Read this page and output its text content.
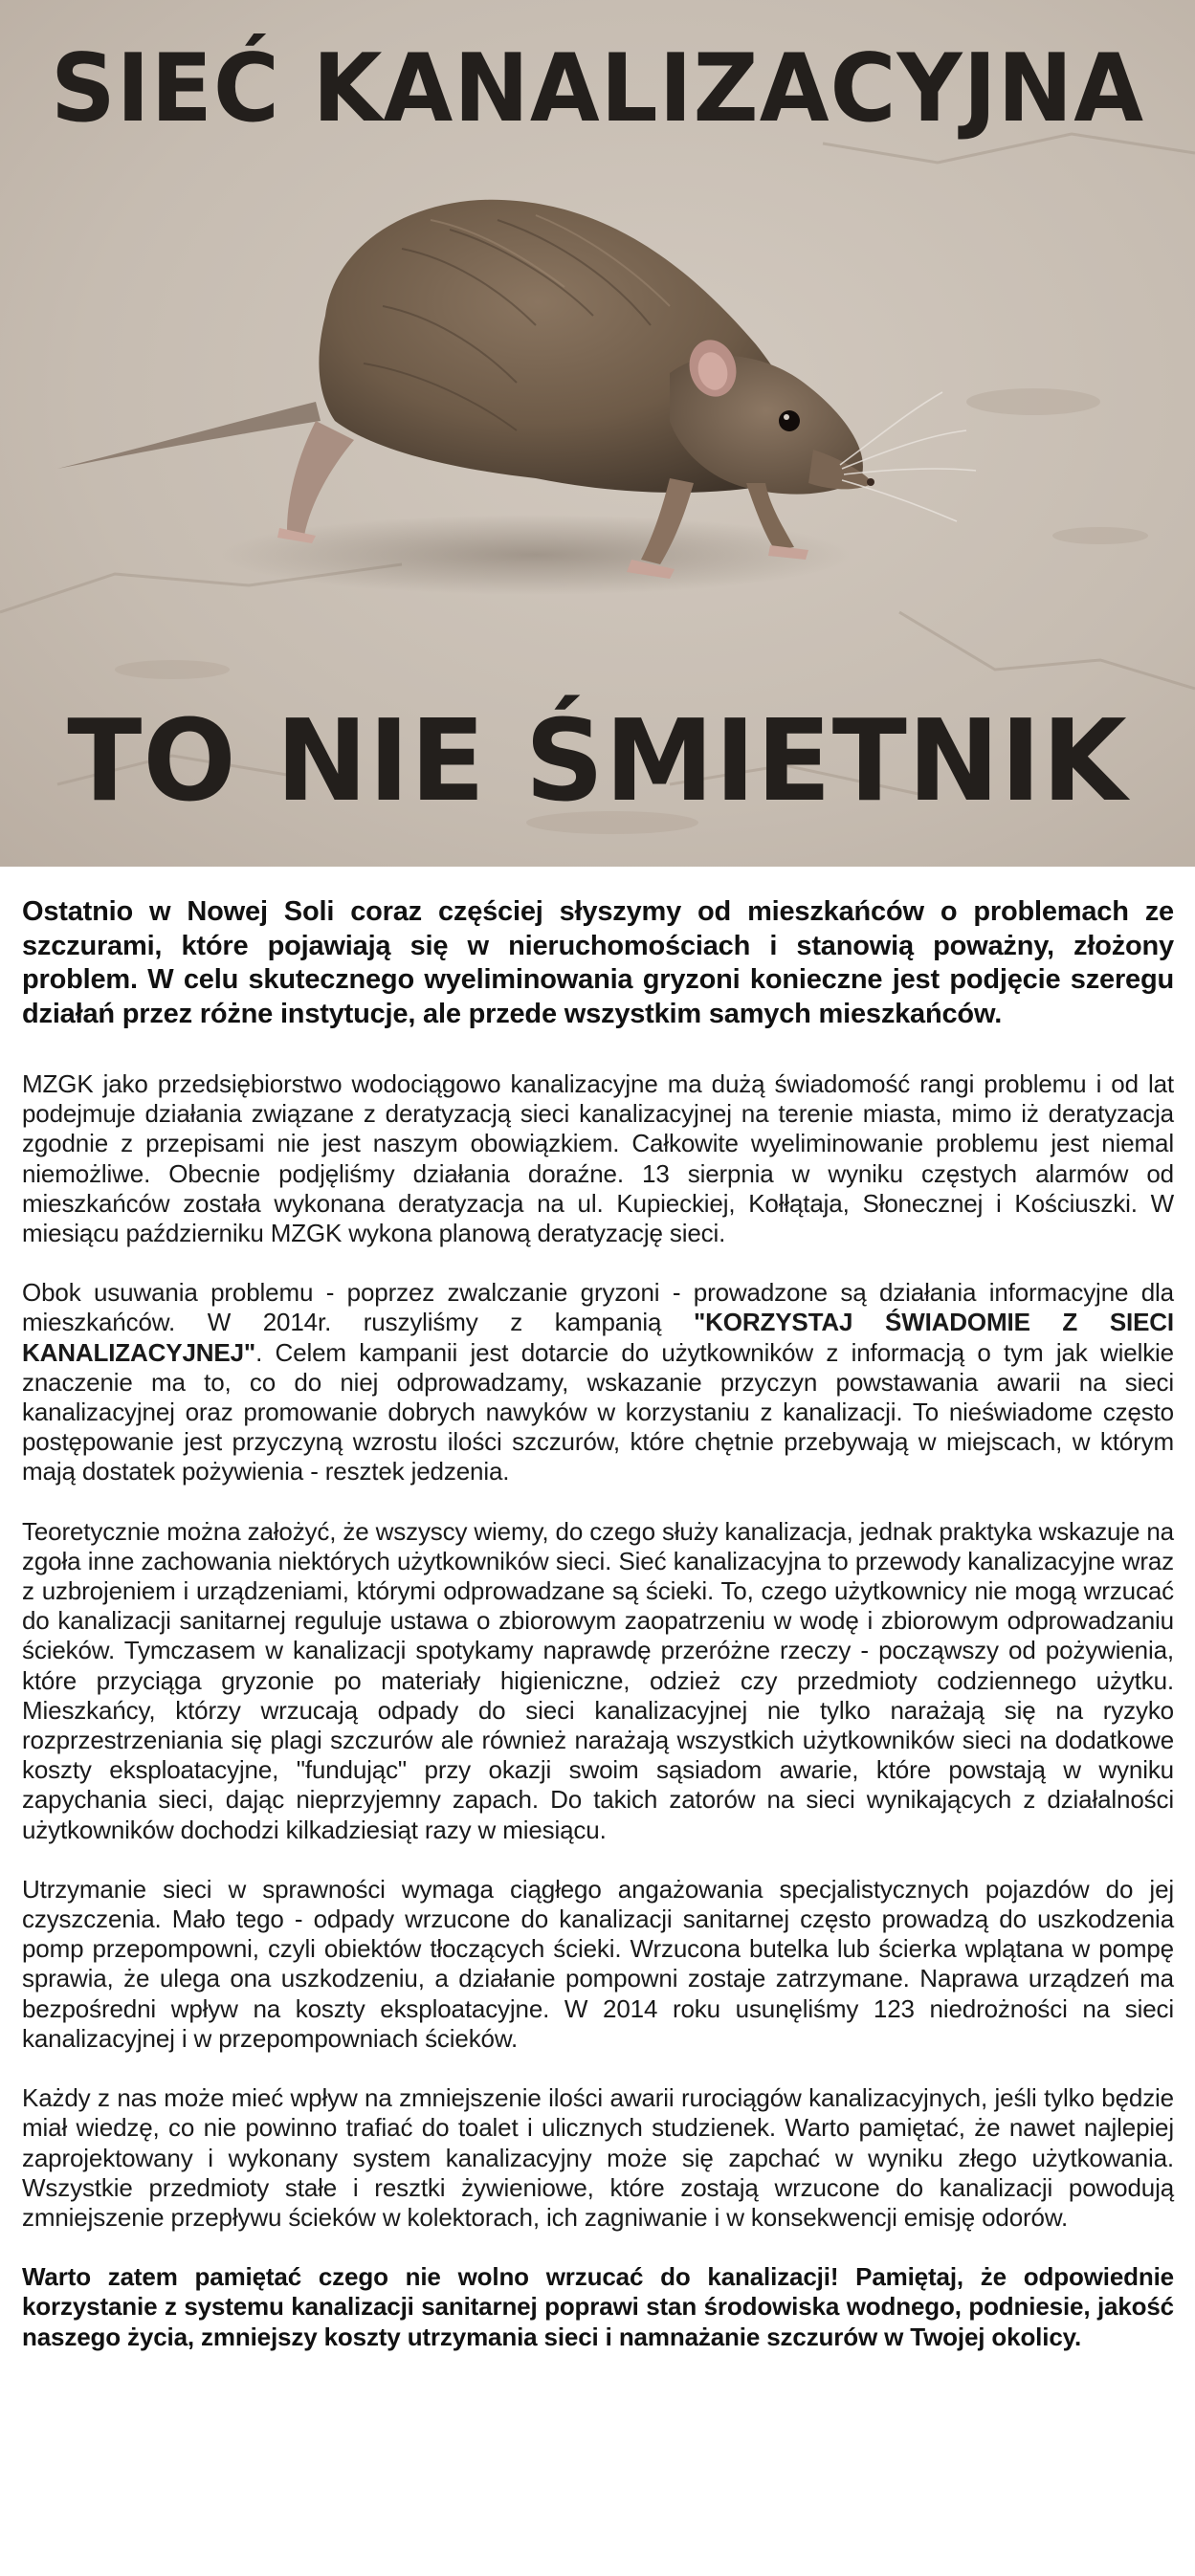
SIEĆ KANALIZACYJNA
TO NIE ŚMIETNIK

Ostatnio w Nowej Soli coraz częściej słyszymy od mieszkańców o problemach ze szczurami, które pojawiają się w nieruchomościach i stanowią poważny, złożony problem. W celu skutecznego wyeliminowania gryzoni konieczne jest podjęcie szeregu działań przez różne instytucje, ale przede wszystkim samych mieszkańców.

MZGK jako przedsiębiorstwo wodociągowo kanalizacyjne ma dużą świadomość rangi problemu i od lat podejmuje działania związane z deratyzacją sieci kanalizacyjnej na terenie miasta, mimo iż deratyzacja zgodnie z przepisami nie jest naszym obowiązkiem. Całkowite wyeliminowanie problemu jest niemal niemożliwe. Obecnie podjęliśmy działania doraźne. 13 sierpnia w wyniku częstych alarmów od mieszkańców została wykonana deratyzacja na ul. Kupieckiej, Kołłątaja, Słonecznej i Kościuszki. W miesiącu październiku MZGK wykona planową deratyzację sieci.

Obok usuwania problemu - poprzez zwalczanie gryzoni - prowadzone są działania informacyjne dla mieszkańców. W 2014r. ruszyliśmy z kampanią "KORZYSTAJ ŚWIADOMIE Z SIECI KANALIZACYJNEJ". Celem kampanii jest dotarcie do użytkowników z informacją o tym jak wielkie znaczenie ma to, co do niej odprowadzamy, wskazanie przyczyn powstawania awarii na sieci kanalizacyjnej oraz promowanie dobrych nawyków w korzystaniu z kanalizacji. To nieświadome często postępowanie jest przyczyną wzrostu ilości szczurów, które chętnie przebywają w miejscach, w którym mają dostatek pożywienia - resztek jedzenia.

Teoretycznie można założyć, że wszyscy wiemy, do czego służy kanalizacja, jednak praktyka wskazuje na zgoła inne zachowania niektórych użytkowników sieci. Sieć kanalizacyjna to przewody kanalizacyjne wraz z uzbrojeniem i urządzeniami, którymi odprowadzane są ścieki. To, czego użytkownicy nie mogą wrzucać do kanalizacji sanitarnej reguluje ustawa o zbiorowym zaopatrzeniu w wodę i zbiorowym odprowadzaniu ścieków. Tymczasem w kanalizacji spotykamy naprawdę przeróżne rzeczy - począwszy od pożywienia, które przyciąga gryzonie po materiały higieniczne, odzież czy przedmioty codziennego użytku. Mieszkańcy, którzy wrzucają odpady do sieci kanalizacyjnej nie tylko narażają się na ryzyko rozprzestrzeniania się plagi szczurów ale również narażają wszystkich użytkowników sieci na dodatkowe koszty eksploatacyjne, "fundując" przy okazji swoim sąsiadom awarie, które powstają w wyniku zapychania sieci, dając nieprzyjemny zapach. Do takich zatorów na sieci wynikających z działalności użytkowników dochodzi kilkadziesiąt razy w miesiącu.

Utrzymanie sieci w sprawności wymaga ciągłego angażowania specjalistycznych pojazdów do jej czyszczenia. Mało tego - odpady wrzucone do kanalizacji sanitarnej często prowadzą do uszkodzenia pomp przepompowni, czyli obiektów tłoczących ścieki. Wrzucona butelka lub ścierka wplątana w pompę sprawia, że ulega ona uszkodzeniu, a działanie pompowni zostaje zatrzymane. Naprawa urządzeń ma bezpośredni wpływ na koszty eksploatacyjne. W 2014 roku usunęliśmy 123 niedrożności na sieci kanalizacyjnej i w przepompowniach ścieków.

Każdy z nas może mieć wpływ na zmniejszenie ilości awarii rurociągów kanalizacyjnych, jeśli tylko będzie miał wiedzę, co nie powinno trafiać do toalet i ulicznych studzienek. Warto pamiętać, że nawet najlepiej zaprojektowany i wykonany system kanalizacyjny może się zapchać w wyniku złego użytkowania. Wszystkie przedmioty stałe i resztki żywieniowe, które zostają wrzucone do kanalizacji powodują zmniejszenie przepływu ścieków w kolektorach, ich zagniwanie i w konsekwencji emisję odorów.

Warto zatem pamiętać czego nie wolno wrzucać do kanalizacji! Pamiętaj, że odpowiednie korzystanie z systemu kanalizacji sanitarnej poprawi stan środowiska wodnego, podniesie, jakość naszego życia, zmniejszy koszty utrzymania sieci i namnażanie szczurów w Twojej okolicy.
